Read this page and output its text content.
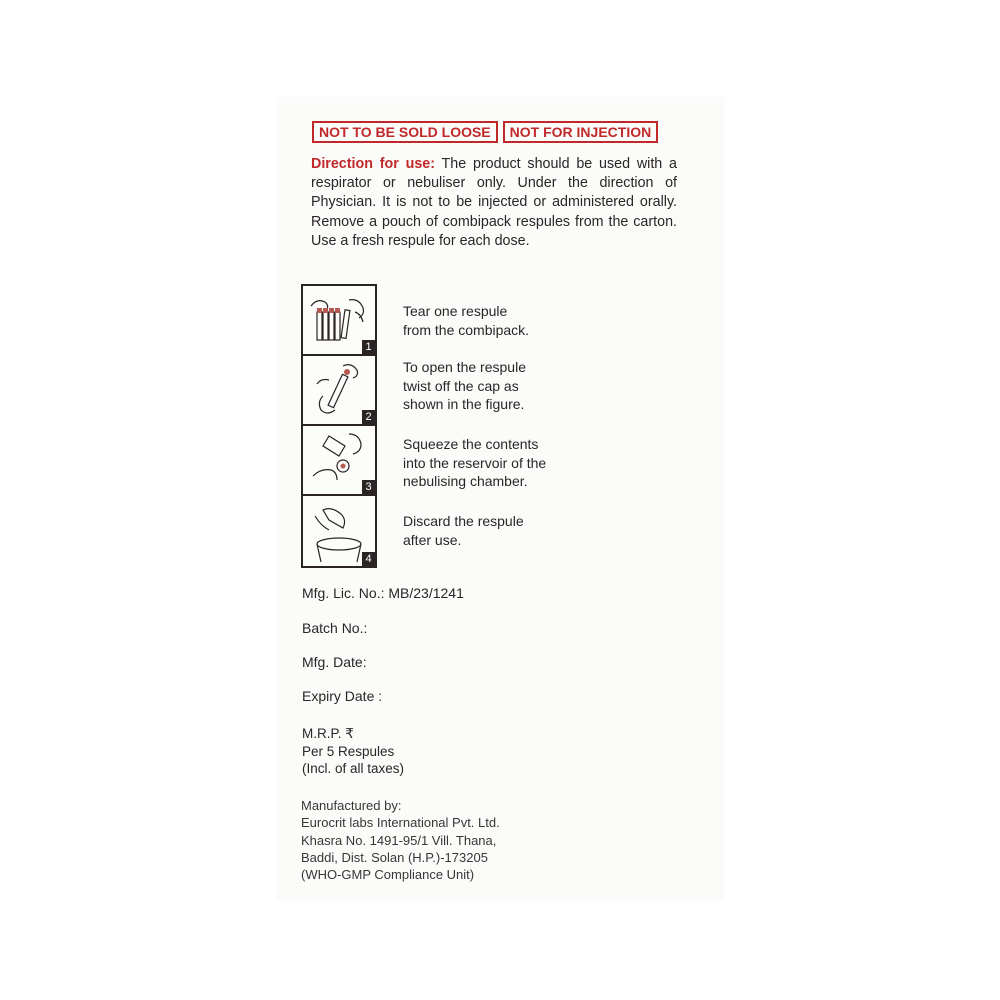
NOT TO BE SOLD LOOSE	NOT FOR INJECTION
Direction for use: The product should be used with a respirator or nebuliser only. Under the direction of Physician. It is not to be injected or administered orally. Remove a pouch of combipack respules from the carton. Use a fresh respule for each dose.
1
2
3
4
Tear one respule
from the combipack.
To open the respule
twist off the cap as
shown in the figure.
Squeeze the contents
into the reservoir of the
nebulising chamber.
Discard the respule
after use.
Mfg. Lic. No.: MB/23/1241
Batch No.:
Mfg. Date:
Expiry Date :
M.R.P. ₹
Per 5 Respules
(Incl. of all taxes)
Manufactured by:
Eurocrit labs International Pvt. Ltd.
Khasra No. 1491-95/1 Vill. Thana,
Baddi, Dist. Solan (H.P.)-173205
(WHO-GMP Compliance Unit)
